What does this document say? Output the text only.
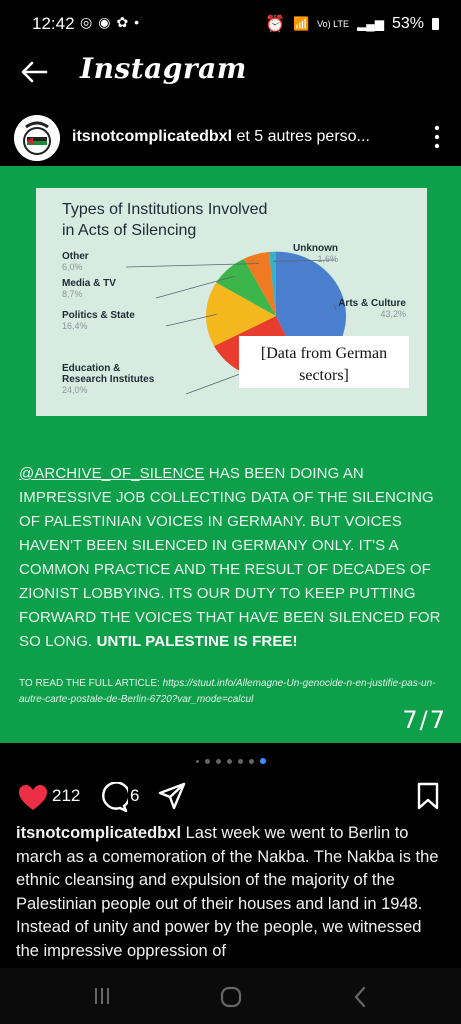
12:42 ◎ ◉ ✿ •	⏰ 📶 Vo) LTE ▂▄▆ 53%
Instagram
itsnotcomplicatedbxl et 5 autres perso...
Types of Institutions Involved
in Acts of Silencing
Arts & Culture
43,2%
Education &
Research Institutes
24,0%
Politics & State
16,4%
Media & TV
8,7%
Other
6,0%
Unknown
1,6%
[Data from German
sectors]
@ARCHIVE_OF_SILENCE HAS BEEN DOING AN IMPRESSIVE JOB COLLECTING DATA OF THE SILENCING OF PALESTINIAN VOICES IN GERMANY. BUT VOICES HAVEN'T BEEN SILENCED IN GERMANY ONLY. IT'S A COMMON PRACTICE AND THE RESULT OF DECADES OF ZIONIST LOBBYING. ITS OUR DUTY TO KEEP PUTTING FORWARD THE VOICES THAT HAVE BEEN SILENCED FOR SO LONG. UNTIL PALESTINE IS FREE!
TO READ THE FULL ARTICLE: https://stuut.info/Allemagne-Un-genocide-n-en-justifie-pas-un-autre-carte-postale-de-Berlin-6720?var_mode=calcul
7/7
212	6
itsnotcomplicatedbxl Last week we went to Berlin to march as a comemoration of the Nakba. The Nakba is the ethnic cleansing and expulsion of the majority of the Palestinian people out of their houses and land in 1948. Instead of unity and power by the people, we witnessed the impressive oppression of
